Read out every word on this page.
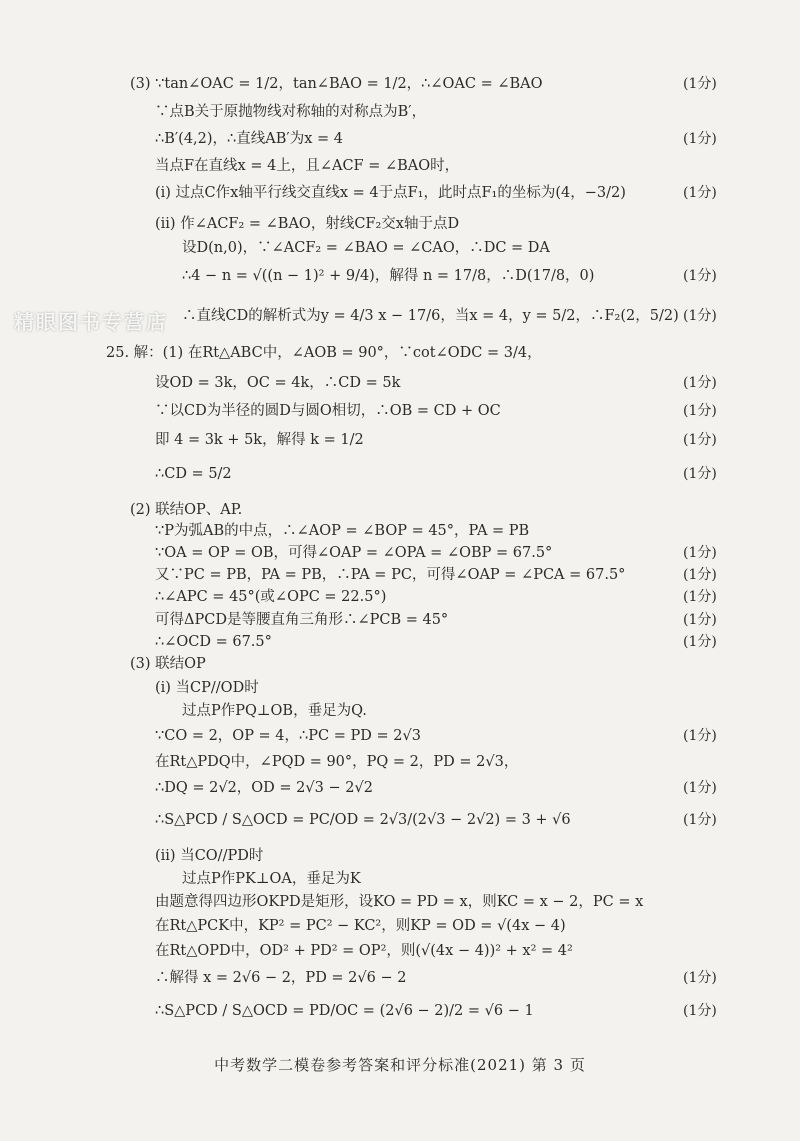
精眼图书专营店
(3) ∵tan∠OAC = 1/2，tan∠BAO = 1/2，∴∠OAC = ∠BAO	(1分)
∵点B关于原抛物线对称轴的对称点为B′，
∴B′(4,2)，∴直线AB′为x = 4	(1分)
当点F在直线x = 4上，且∠ACF = ∠BAO时，
(i) 过点C作x轴平行线交直线x = 4于点F₁，此时点F₁的坐标为(4，−3/2)	(1分)
(ii) 作∠ACF₂ = ∠BAO，射线CF₂交x轴于点D
设D(n,0)，∵∠ACF₂ = ∠BAO = ∠CAO，∴DC = DA
∴4 − n = √((n − 1)² + 9/4)，解得 n = 17/8，∴D(17/8，0)	(1分)
∴直线CD的解析式为y = 4/3 x − 17/6，当x = 4，y = 5/2，∴F₂(2，5/2) (1分)
25. 解：(1) 在Rt△ABC中，∠AOB = 90°，∵cot∠ODC = 3/4，
设OD = 3k，OC = 4k，∴CD = 5k	(1分)
∵以CD为半径的圆D与圆O相切，∴OB = CD + OC	(1分)
即 4 = 3k + 5k，解得 k = 1/2	(1分)
∴CD = 5/2	(1分)
(2) 联结OP、AP.
∵P为弧AB的中点，∴∠AOP = ∠BOP = 45°，PA = PB
∵OA = OP = OB，可得∠OAP = ∠OPA = ∠OBP = 67.5°	(1分)
又∵PC = PB，PA = PB，∴PA = PC，可得∠OAP = ∠PCA = 67.5°	(1分)
∴∠APC = 45°(或∠OPC = 22.5°)	(1分)
可得ΔPCD是等腰直角三角形∴∠PCB = 45°	(1分)
∴∠OCD = 67.5°	(1分)
(3) 联结OP
(i) 当CP//OD时
过点P作PQ⊥OB，垂足为Q.
∵CO = 2，OP = 4，∴PC = PD = 2√3	(1分)
在Rt△PDQ中，∠PQD = 90°，PQ = 2，PD = 2√3，
∴DQ = 2√2，OD = 2√3 − 2√2	(1分)
∴S△PCD / S△OCD = PC/OD = 2√3/(2√3 − 2√2) = 3 + √6	(1分)
(ii) 当CO//PD时
过点P作PK⊥OA，垂足为K
由题意得四边形OKPD是矩形，设KO = PD = x，则KC = x − 2，PC = x
在Rt△PCK中，KP² = PC² − KC²，则KP = OD = √(4x − 4)
在Rt△OPD中，OD² + PD² = OP²，则(√(4x − 4))² + x² = 4²
∴解得 x = 2√6 − 2，PD = 2√6 − 2	(1分)
∴S△PCD / S△OCD = PD/OC = (2√6 − 2)/2 = √6 − 1	(1分)
中考数学二模卷参考答案和评分标准(2021) 第 3 页
